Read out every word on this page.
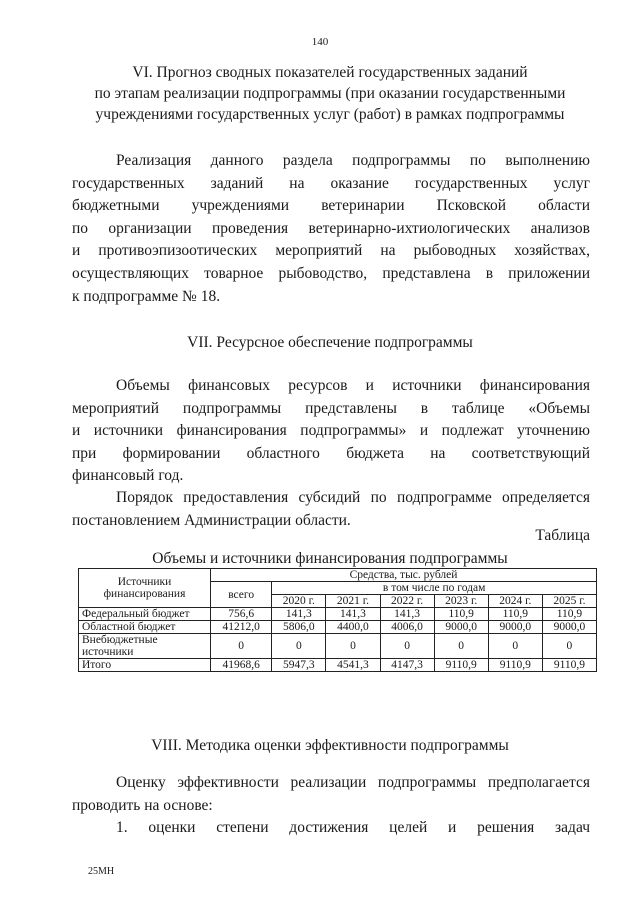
140
VI. Прогноз сводных показателей государственных заданий
по этапам реализации подпрограммы (при оказании государственными
учреждениями государственных услуг (работ) в рамках подпрограммы
Реализация данного раздела подпрограммы по выполнению
государственных заданий на оказание государственных услуг
бюджетными учреждениями ветеринарии Псковской области
по организации проведения ветеринарно-ихтиологических анализов
и противоэпизоотических мероприятий на рыбоводных хозяйствах,
осуществляющих товарное рыбоводство, представлена в приложении
к подпрограмме № 18.
VII. Ресурсное обеспечение подпрограммы
Объемы финансовых ресурсов и источники финансирования
мероприятий подпрограммы представлены в таблице «Объемы
и источники финансирования подпрограммы» и подлежат уточнению
при формировании областного бюджета на соответствующий
финансовый год.
Порядок предоставления субсидий по подпрограмме определяется
постановлением Администрации области.
Таблица
Объемы и источники финансирования подпрограммы
Источники финансирования	Средства, тыс. рублей						
	всего	в том числе по годам					
		2020 г.	2021 г.	2022 г.	2023 г.	2024 г.	2025 г.
Федеральный бюджет	756,6	141,3	141,3	141,3	110,9	110,9	110,9
Областной бюджет	41212,0	5806,0	4400,0	4006,0	9000,0	9000,0	9000,0
Внебюджетные источники	0	0	0	0	0	0	0
Итого	41968,6	5947,3	4541,3	4147,3	9110,9	9110,9	9110,9
VIII. Методика оценки эффективности подпрограммы
Оценку эффективности реализации подпрограммы предполагается
проводить на основе:
1.    оценки    степени    достижения    целей    и    решения    задач
25МН
